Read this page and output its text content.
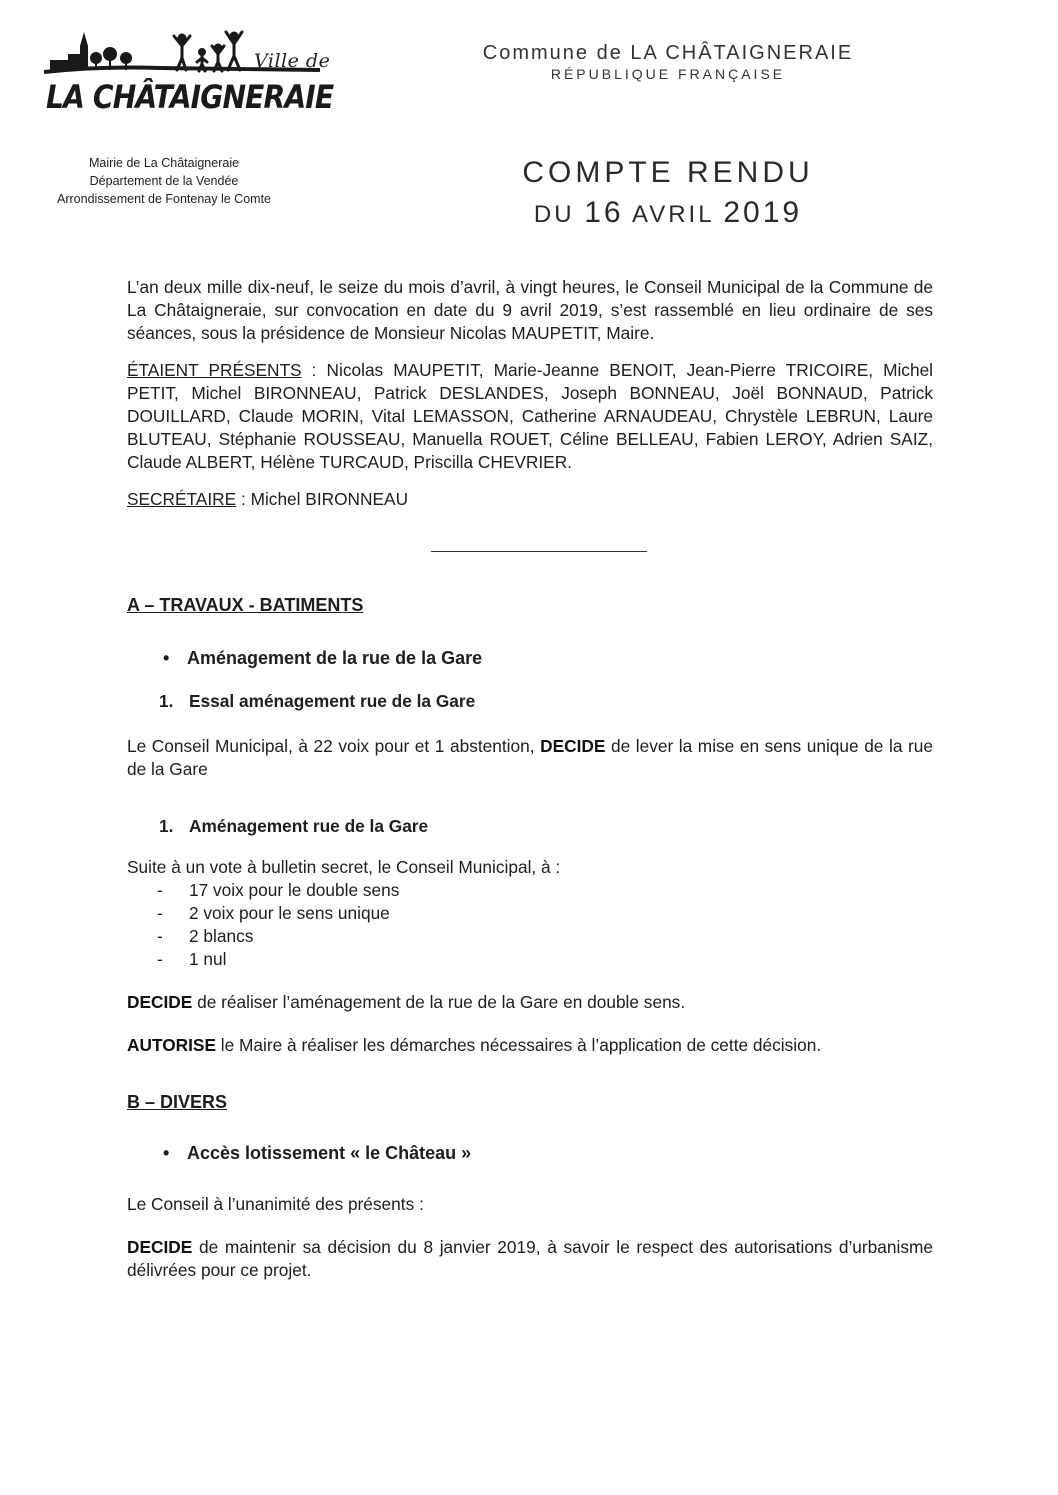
Ville de
LA CHÂTAIGNERAIE
Mairie de La Châtaigneraie
Département de la Vendée
Arrondissement de Fontenay le Comte
Commune de LA CHÂTAIGNERAIE
RÉPUBLIQUE FRANÇAISE
COMPTE RENDU
DU 16 AVRIL 2019

L’an deux mille dix-neuf, le seize du mois d’avril, à vingt heures, le Conseil Municipal de la Commune de La Châtaigneraie, sur convocation en date du 9 avril 2019, s’est rassemblé en lieu ordinaire de ses séances, sous la présidence de Monsieur Nicolas MAUPETIT, Maire.

ÉTAIENT PRÉSENTS : Nicolas MAUPETIT, Marie-Jeanne BENOIT, Jean-Pierre TRICOIRE, Michel PETIT, Michel BIRONNEAU, Patrick DESLANDES, Joseph BONNEAU, Joël BONNAUD, Patrick DOUILLARD, Claude MORIN, Vital LEMASSON, Catherine ARNAUDEAU, Chrystèle LEBRUN, Laure BLUTEAU, Stéphanie ROUSSEAU, Manuella ROUET, Céline BELLEAU, Fabien LEROY, Adrien SAIZ, Claude ALBERT, Hélène TURCAUD, Priscilla CHEVRIER.

SECRÉTAIRE : Michel BIRONNEAU

A – TRAVAUX - BATIMENTS
• Aménagement de la rue de la Gare
1. Essal aménagement rue de la Gare

Le Conseil Municipal, à 22 voix pour et 1 abstention, DECIDE de lever la mise en sens unique de la rue de la Gare

1. Aménagement rue de la Gare

Suite à un vote à bulletin secret, le Conseil Municipal, à :

- 17 voix pour le double sens
- 2 voix pour le sens unique
- 2 blancs
- 1 nul

DECIDE de réaliser l’aménagement de la rue de la Gare en double sens.

AUTORISE le Maire à réaliser les démarches nécessaires à l’application de cette décision.

B – DIVERS
• Accès lotissement « le Château »

Le Conseil à l’unanimité des présents :

DECIDE de maintenir sa décision du 8 janvier 2019, à savoir le respect des autorisations d’urbanisme délivrées pour ce projet.
